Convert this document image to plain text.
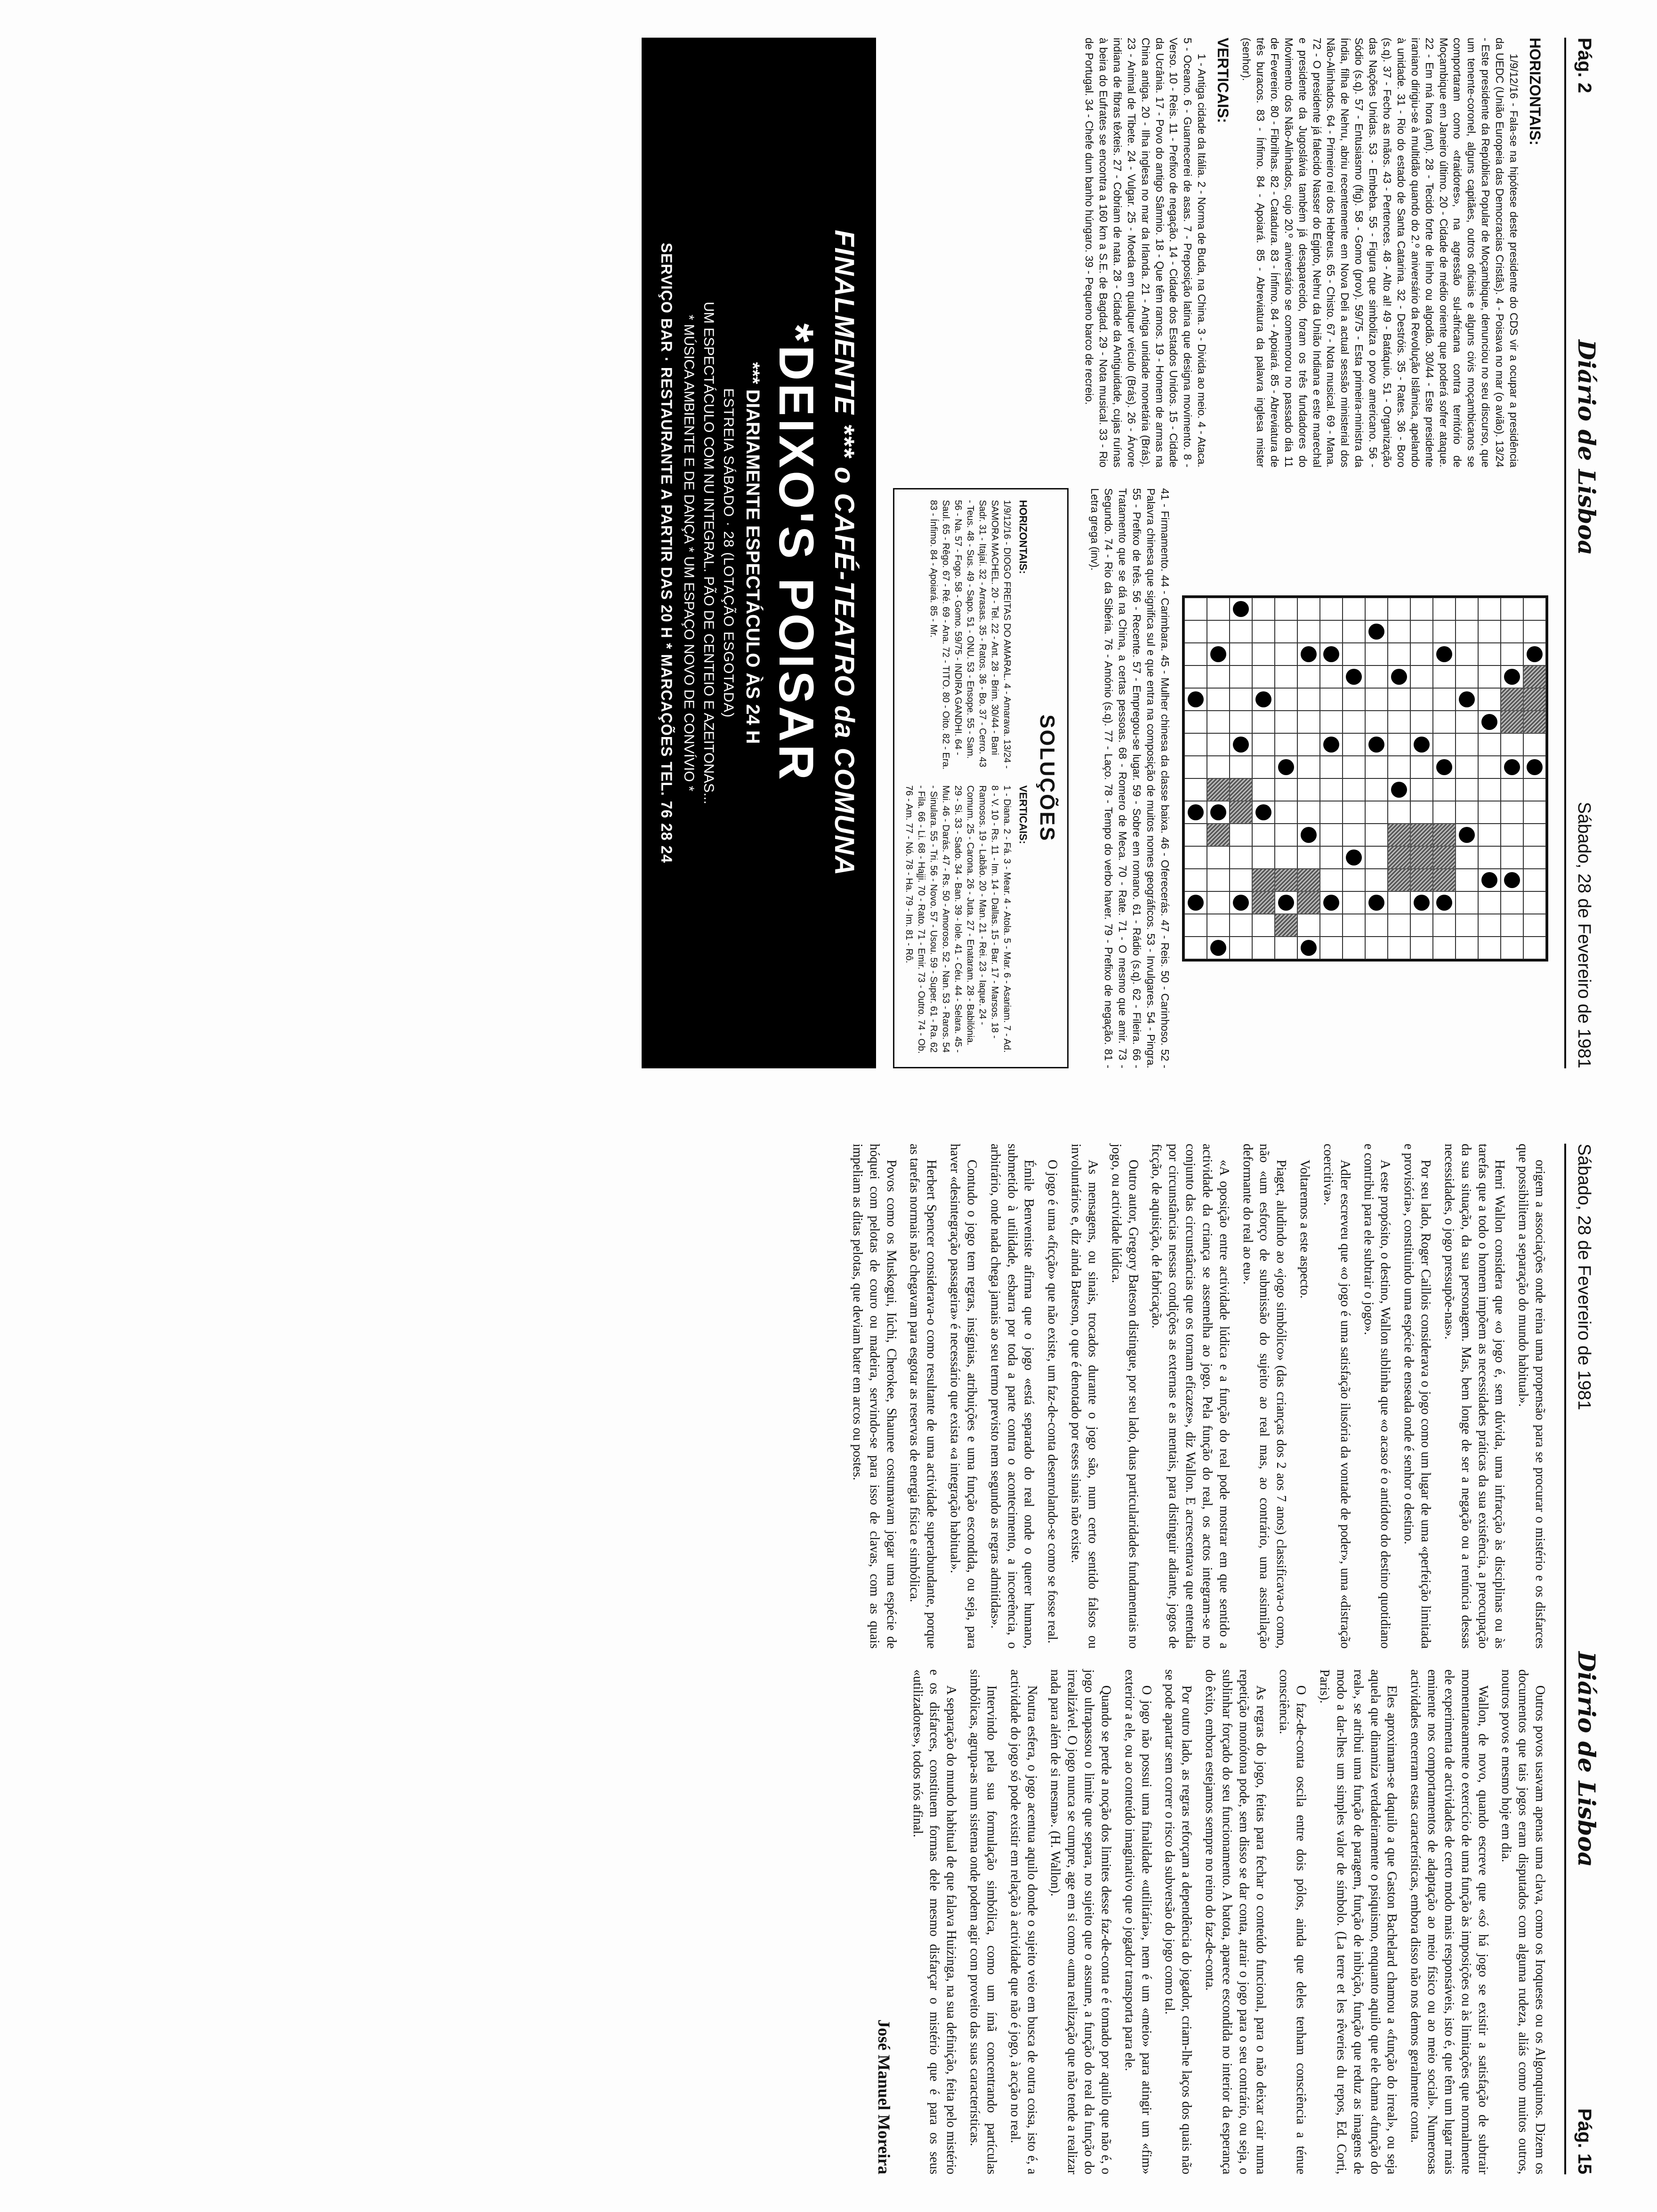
Pág. 2
Diário de Lisboa
Sábado, 28 de Fevereiro de 1981
HORIZONTAIS:

1/9/12/16 - Fala-se na hipótese deste presidente do CDS vir a ocupar a presidência da UEDC (União Europeia das Democracias Cristãs). 4 - Poisava no mar (o avião). 13/24 - Este presidente da República Popular de Moçambique, denunciou no seu discurso, que um tenente-coronel, alguns capitães, outros oficiais e alguns civis moçambicanos se comportaram como «traidores», na agressão sul-africana contra território de Moçambique em Janeiro último. 20 - Cidade de médio oriente que poderá sofrer ataque. 22 - Em má hora (ant). 28 - Tecido forte de linho ou algodão. 30/44 - Este presidente iraniano dirigiu-se à multidão quando do 2.º aniversário da Revolução Islâmica, apelando à unidade. 31 - Rio do estado de Santa Catarina. 32 - Destróis. 35 - Rates. 36 - Boro (s.q). 37 - Fecho as mãos. 43 - Pertences. 48 - Alto al! 49 - Batáquio. 51 - Organização das Nações Unidas. 53 - Embeba. 55 - Figura que simboliza o povo americano. 56 - Sódio (s.q). 57 - Entusiasmo (fig). 58 - Gomo (prov). 59/75 - Esta primeira-ministra da Índia, filha de Nehru, abriu recentemente em Nova Deli a actual sessão ministerial dos Não-Alinhados. 64 - Primeiro rei dos Hebreus. 65 - Chisto. 67 - Nota musical. 69 - Mana. 72 - O presidente já falecido Nasser do Egipto, Nehru da União Indiana e este marechal e presidente da Jugoslávia também já desaparecido, foram os três fundadores do Movimento dos Não-Alinhados, cujo 20.º aniversário se comemorou no passado dia 11 de Fevereiro. 80 - Fibrilhas. 82 - Catadura. 83 - Ínfimo. 84 - Apoiará. 85 - Abreviatura de três buracos. 83 - Ínfimo. 84 - Apoiará. 85 - Abreviatura da palavra inglesa mister (senhor).

VERTICAIS:

1 - Antiga cidade da Itália. 2 - Norma de Buda, na China. 3 - Divida ao meio. 4 - Ataca. 5 - Oceano. 6 - Guarnecerei de asas. 7 - Preposição latina que designa movimento. 8 - Verso. 10 - Reis. 11 - Prefixo de negação. 14 - Cidade dos Estados Unidos. 15 - Cidade da Ucrânia. 17 - Povo do antigo Sâmnio. 18 - Que têm ramos. 19 - Homem de armas na China antiga. 20 - Ilha inglesa no mar da Irlanda. 21 - Antiga unidade monetária (Brás). 23 - Animal de Tibete. 24 - Vulgar. 25 - Moeda em qualquer veículo (Brás). 26 - Árvore indiana de fibras têxteis. 27 - Cobriam de nata. 28 - Cidade da Antiguidade, cujas ruínas à beira do Eufrates se encontra a 160 km a S.E. de Bagdad. 29 - Nota musical. 33 - Rio de Portugal. 34 - Chefe dum banho húngaro. 39 - Pequeno barco de recreio.

41 - Firmamento. 44 - Carimbara. 45 - Mulher chinesa da classe baixa. 46 - Oferecerás. 47 - Reis. 50 - Carinhoso. 52 - Palavra chinesa que significa sul e que entra na composição de muitos nomes geográficos. 53 - Invulgares. 54 - Pingra. 55 - Prefixo de três. 56 - Recente. 57 - Empregou-se lugar. 59 - Sobre em romano. 61 - Rádio (s.q). 62 - Fileira. 66 - Tratamento que se dá na China, a certas pessoas. 68 - Romero de Meca. 70 - Rate. 71 - O mesmo que amir. 73 - Segundo. 74 - Rio da Sibéria. 76 - Amónio (s.q). 77 - Laço. 78 - Tempo do verbo haver. 79 - Prefixo de negação. 81 - Letra grega (inv).

SOLUÇÕES
HORIZONTAIS:
1/9/12/16 - DIOGO FREITAS DO AMARAL. 4 - Amarava. 13/24 - SAMORA MACHEL. 20 - Tel. 22 - Ant. 28 - Brim. 30/44 - Bani Sadr. 31 - Itajaí. 32 - Arrasas. 35 - Ratos. 36 - Bo. 37 - Cerro. 43 - Teus. 48 - Sus. 49 - Sapo. 51 - ONU. 53 - Ensope. 55 - Sam. 56 - Na. 57 - Fogo. 58 - Gomo. 59/75 - INDIRA GANDHI. 64 - Saul. 65 - Rêgo. 67 - Ré. 69 - Ana. 72 - TITO. 80 - Oito. 82 - Era. 83 - Ínfimo. 84 - Apoiará. 85 - Mr.
VERTICAIS:
1 - Diana. 2 - Fá. 3 - Mear. 4 - Atola. 5 - Mar. 6 - Asariam. 7 - Ad. 8 - V. 10 - Rs. 11 - Im. 14 - Dallas. 15 - Bar. 17 - Marsos. 18 - Ramosos. 19 - Labão. 20 - Man. 21 - Rei. 23 - Iaque. 24 - Comum. 25 - Carona. 26 - Juta. 27 - Enataram. 28 - Babilónia. 29 - Si. 33 - Sado. 34 - Ban. 39 - Iole. 41 - Céu. 44 - Selara. 45 - Mui. 46 - Darás. 47 - Rs. 50 - Amoroso. 52 - Nan. 53 - Raros. 54 - Sinulara. 55 - Tri. 56 - Novo. 57 - Usou. 59 - Super. 61 - Ra. 62 - Fila. 66 - Li. 68 - Hajji. 70 - Rato. 71 - Emir. 73 - Outro. 74 - Ob. 76 - Am. 77 - Nó. 78 - Ha. 79 - Im. 81 - Rô.
FINALMENTE *** o CAFÉ-TEATRO da COMUNA
*DEIXO'S POISAR
*** DIARIAMENTE ESPECTÁCULO ÀS 24 H
ESTREIA SÁBADO · 28 (LOTAÇÃO ESGOTADA)
UM ESPECTÁCULO COM NU INTEGRAL. PÃO DE CENTEIO E AZEITONAS...
* MÚSICA AMBIENTE E DE DANÇA * UM ESPAÇO NOVO DE CONVÍVIO *
SERVIÇO BAR · RESTAURANTE A PARTIR DAS 20 H * MARCAÇÕES TEL. 76 28 24
Sábado, 28 de Fevereiro de 1981
Diário de Lisboa
Pág. 15

origem a associações onde reina uma propensão para se procurar o mistério e os disfarces que possibilitem a separação do mundo habitual».

Henri Wallon considera que «o jogo é, sem dúvida, uma infracção às disciplinas ou às tarefas que a todo o homem impõem as necessidades práticas da sua existência, a preocupação da sua situação, da sua personagem. Mas, bem longe de ser a negação ou a renúncia dessas necessidades, o jogo pressupõe-nas».

Por seu lado, Roger Caillois considerava o jogo como um lugar de uma «perfeição limitada e provisória», constituindo uma espécie de enseada onde é senhor o destino.

A este propósito, o destino, Wallon sublinha que «o acaso é o antídoto do destino quotidiano e contribui para ele subtrair o jogo».

Adler escreveu que «o jogo é uma satisfação ilusória da vontade de poder», uma «distração coercitiva».

Voltaremos a este aspecto.

Piaget, aludindo ao «jogo simbólico» (das crianças dos 2 aos 7 anos) classificava-o como, não «um esforço de submissão do sujeito ao real mas, ao contrário, uma assimilação deformante do real ao eu».

«A oposição entre actividade lúdica e a função do real pode mostrar em que sentido a actividade da criança se assemelha ao jogo. Pela função do real, os actos integram-se no conjunto das circunstâncias que os tornam eficazes», diz Wallon. E acrescentava que entendia por circunstâncias nessas condições as externas e as mentais, para distinguir adiante, jogos de ficção, de aquisição, de fabricação.

Outro autor, Gregory Bateson distingue, por seu lado, duas particularidades fundamentais no jogo, ou actividade lúdica.

As mensagens, ou sinais, trocados durante o jogo são, num certo sentido falsos ou involuntários e, diz ainda Bateson, o que é denotado por esses sinais não existe.

O jogo é uma «ficção» que não existe, um faz-de-conta desenrolando-se como se fosse real.

Émile Benveniste afirma que o jogo «está separado do real onde o querer humano, submetido à utilidade, esbarra por toda a parte contra o acontecimento, a incoerência, o arbitrário, onde nada chega jamais ao seu termo previsto nem segundo as regras admitidas».

Contudo o jogo tem regras, insígnias, atribuições e uma função escondida, ou seja, para haver «desintegração passageira» é necessário que exista «a integração habitual».

Herbert Spencer considerava-o como resultante de uma actividade superabundante, porque as tarefas normais não chegavam para esgotar as reservas de energia física e simbólica.

Povos como os Muskogui, Iúchi, Cherokee, Shaunee costumavam jogar uma espécie de hóquei com pelotas de couro ou madeira, servindo-se para isso de clavas, com as quais impeliam as ditas pelotas, que deviam bater em arcos ou postes.

Outros povos usavam apenas uma clava, como os Iroqueses ou os Algonquinos. Dizem os documentos que tais jogos eram disputados com alguma rudeza, aliás como muitos outros, noutros povos e mesmo hoje em dia.

Wallon, de novo, quando escreve que «só há jogo se existir a satisfação de subtrair momentaneamente o exercício de uma função às imposições ou às limitações que normalmente ele experimenta de actividades de certo modo mais responsáveis, isto é, que têm um lugar mais eminente nos comportamentos de adaptação ao meio físico ou ao meio social». Numerosas actividades encerram estas características, embora disso não nos demos geralmente conta.

Eles aproximam-se daquilo a que Gaston Bachelard chamou a «função do irreal», ou seja aquela que dinamiza verdadeiramente o psiquismo, enquanto aquilo que ele chama «função do real», se atribui uma função de paragem, função de inibição, função que reduz as imagens de modo a dar-lhes um simples valor de símbolo. (La terre et les rêveries du repos, Ed. Corti, Paris).

O faz-de-conta oscila entre dois pólos, ainda que deles tenham consciência a ténue consciência.

As regras do jogo, feitas para fechar o conteúdo funcional, para o não deixar cair numa repetição monótona pode, sem disso se dar conta, atrair o jogo para o seu contrário, ou seja, o sublinhar forçado do seu funcionamento. A batota, aparece escondida no interior da esperança do êxito, embora estejamos sempre no reino do faz-de-conta.

Por outro lado, as regras reforçam a dependência do jogador, criam-lhe laços dos quais não se pode apartar sem correr o risco da subversão do jogo como tal.

O jogo não possui uma finalidade «utilitária», nem é um «meio» para atingir um «fim» exterior a ele, ou ao conteúdo imaginativo que o jogador transporta para ele.

Quando se perde a noção dos limites desse faz-de-conta e é tomado por aquilo que não é, o jogo ultrapassou o limite que separa, no sujeito que o assume, a função do real da função do irrealizável. O jogo nunca se cumpre, age em si como «uma realização que não tende a realizar nada para além de si mesma». (H. Wallon).

Noutra esfera, o jogo acentua aquilo donde o sujeito veio em busca de outra coisa, isto é, a actividade do jogo só pode existir em relação à actividade que não é jogo, à acção no real.

Intervindo pela sua formulação simbólica, como um ímã concentrando partículas simbólicas, agrupa-as num sistema onde podem agir com proveito das suas características.

A separação do mundo habitual de que falava Huizinga, na sua definição, feita pelo mistério e os disfarces, constituem formas dele mesmo disfarçar o mistério que é para os seus «utilizadores», todos nós afinal.

José Manuel Moreira
